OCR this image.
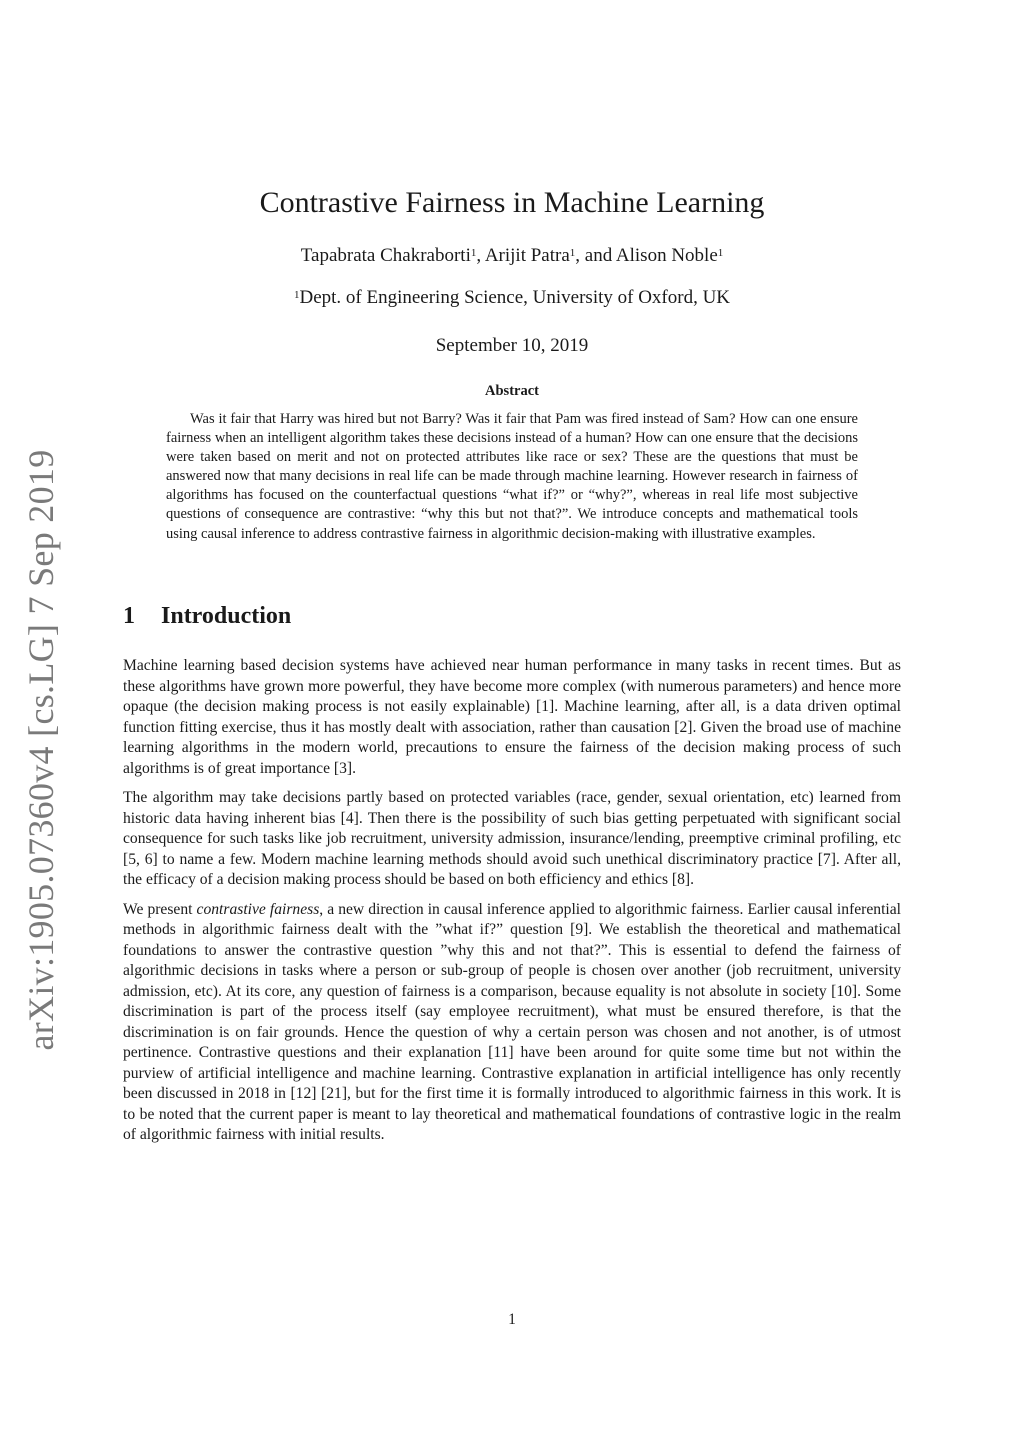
arXiv:1905.07360v4 [cs.LG] 7 Sep 2019
Contrastive Fairness in Machine Learning
Tapabrata Chakraborti$^1$, Arijit Patra$^1$, and Alison Noble$^1$
$^1$Dept. of Engineering Science, University of Oxford, UK
September 10, 2019
Abstract

Was it fair that Harry was hired but not Barry? Was it fair that Pam was fired instead of Sam? How can one ensure fairness when an intelligent algorithm takes these decisions instead of a human? How can one ensure that the decisions were taken based on merit and not on protected attributes like race or sex? These are the questions that must be answered now that many decisions in real life can be made through machine learning. However research in fairness of algorithms has focused on the counterfactual questions “what if?” or “why?”, whereas in real life most subjective questions of consequence are contrastive: “why this but not that?”. We introduce concepts and mathematical tools using causal inference to address contrastive fairness in algorithmic decision-making with illustrative examples.

1 Introduction

Machine learning based decision systems have achieved near human performance in many tasks in recent times. But as these algorithms have grown more powerful, they have become more complex (with numerous parameters) and hence more opaque (the decision making process is not easily explainable) [1]. Machine learning, after all, is a data driven optimal function fitting exercise, thus it has mostly dealt with association, rather than causation [2]. Given the broad use of machine learning algorithms in the modern world, precautions to ensure the fairness of the decision making process of such algorithms is of great importance [3].

The algorithm may take decisions partly based on protected variables (race, gender, sexual orientation, etc) learned from historic data having inherent bias [4]. Then there is the possibility of such bias getting perpetuated with significant social consequence for such tasks like job recruitment, university admission, insurance/lending, preemptive criminal profiling, etc [5, 6] to name a few. Modern machine learning methods should avoid such unethical discriminatory practice [7]. After all, the efficacy of a decision making process should be based on both efficiency and ethics [8].

We present contrastive fairness, a new direction in causal inference applied to algorithmic fairness. Earlier causal inferential methods in algorithmic fairness dealt with the ”what if?” question [9]. We establish the theoretical and mathematical foundations to answer the contrastive question ”why this and not that?”. This is essential to defend the fairness of algorithmic decisions in tasks where a person or sub-group of people is chosen over another (job recruitment, university admission, etc). At its core, any question of fairness is a comparison, because equality is not absolute in society [10]. Some discrimination is part of the process itself (say employee recruitment), what must be ensured therefore, is that the discrimination is on fair grounds. Hence the question of why a certain person was chosen and not another, is of utmost pertinence. Contrastive questions and their explanation [11] have been around for quite some time but not within the purview of artificial intelligence and machine learning. Contrastive explanation in artificial intelligence has only recently been discussed in 2018 in [12] [21], but for the first time it is formally introduced to algorithmic fairness in this work. It is to be noted that the current paper is meant to lay theoretical and mathematical foundations of contrastive logic in the realm of algorithmic fairness with initial results.

1
